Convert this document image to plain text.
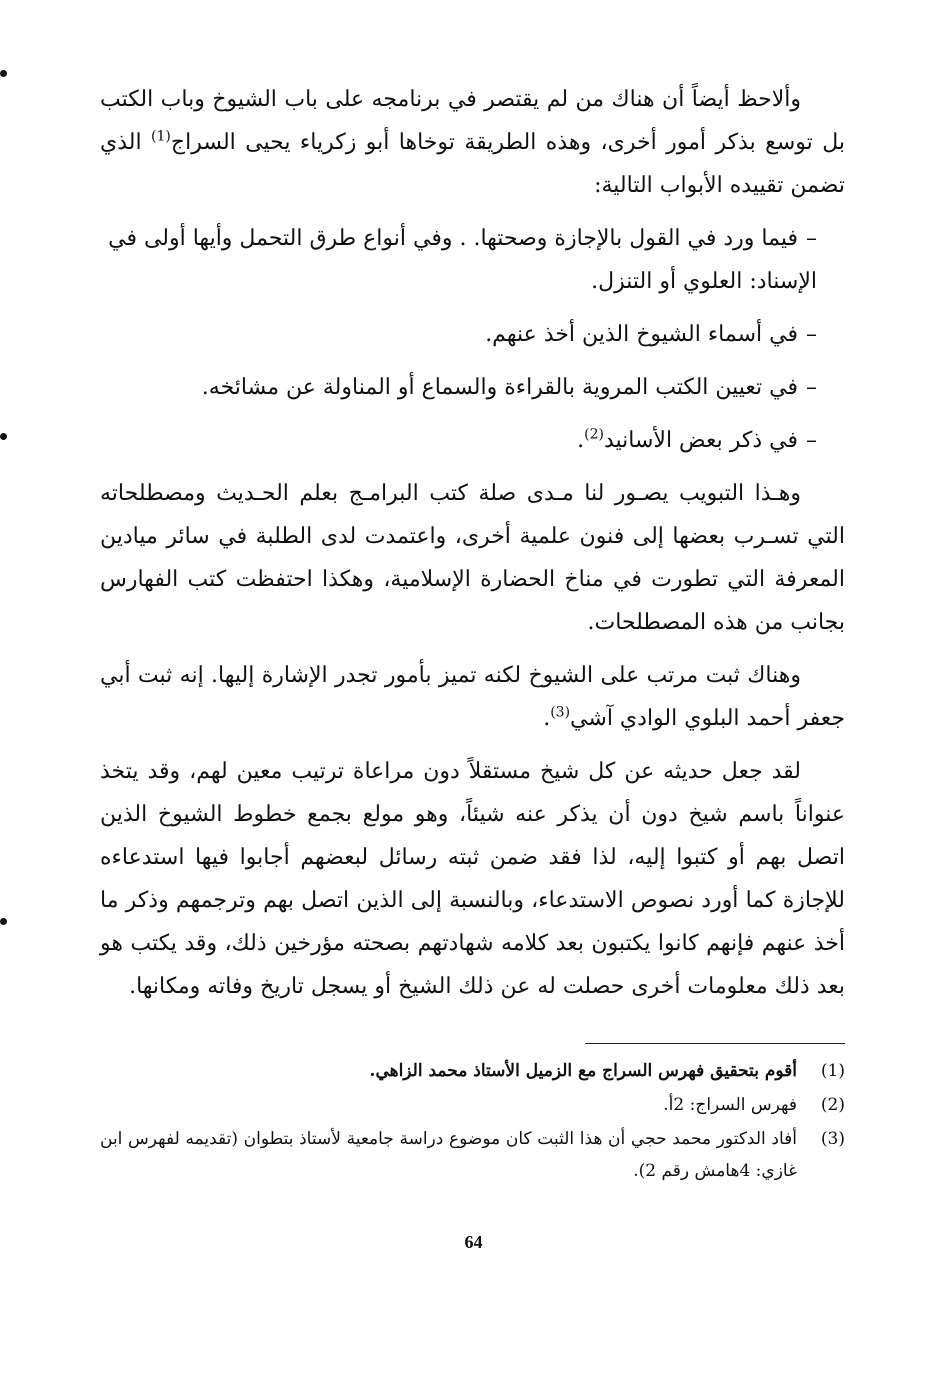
وألاحظ أيضاً أن هناك من لم يقتصر في برنامجه على باب الشيوخ وباب الكتب بل توسع بذكر أمور أخرى، وهذه الطريقة توخاها أبو زكرياء يحيى السراج$^{(1)}$ الذي تضمن تقييده الأبواب التالية:

–فيما ورد في القول بالإجازة وصحتها. . وفي أنواع طرق التحمل وأيها أولى في الإسناد: العلوي أو التنزل.

–في أسماء الشيوخ الذين أخذ عنهم.

–في تعيين الكتب المروية بالقراءة والسماع أو المناولة عن مشائخه.

–في ذكر بعض الأسانيد$^{(2)}$.

وهـذا التبويب يصـور لنا مـدى صلة كتب البرامـج بعلم الحـديث ومصطلحاته التي تسـرب بعضها إلى فنون علمية أخرى، واعتمدت لدى الطلبة في سائر ميادين المعرفة التي تطورت في مناخ الحضارة الإسلامية، وهكذا احتفظت كتب الفهارس بجانب من هذه المصطلحات.

وهناك ثبت مرتب على الشيوخ لكنه تميز بأمور تجدر الإشارة إليها. إنه ثبت أبي جعفر أحمد البلوي الوادي آشي$^{(3)}$.

لقد جعل حديثه عن كل شيخ مستقلاً دون مراعاة ترتيب معين لهم، وقد يتخذ عنواناً باسم شيخ دون أن يذكر عنه شيئاً، وهو مولع بجمع خطوط الشيوخ الذين اتصل بهم أو كتبوا إليه، لذا فقد ضمن ثبته رسائل لبعضهم أجابوا فيها استدعاءه للإجازة كما أورد نصوص الاستدعاء، وبالنسبة إلى الذين اتصل بهم وترجمهم وذكر ما أخذ عنهم فإنهم كانوا يكتبون بعد كلامه شهادتهم بصحته مؤرخين ذلك، وقد يكتب هو بعد ذلك معلومات أخرى حصلت له عن ذلك الشيخ أو يسجل تاريخ وفاته ومكانها.

(1)
أقوم بتحقيق فهرس السراج مع الزميل الأستاذ محمد الزاهي.
(2)
فهرس السراج: 2أ.
(3)
أفاد الدكتور محمد حجي أن هذا الثبت كان موضوع دراسة جامعية لأستاذ بتطوان (تقديمه لفهرس ابن غازي: 4هامش رقم 2).
64
